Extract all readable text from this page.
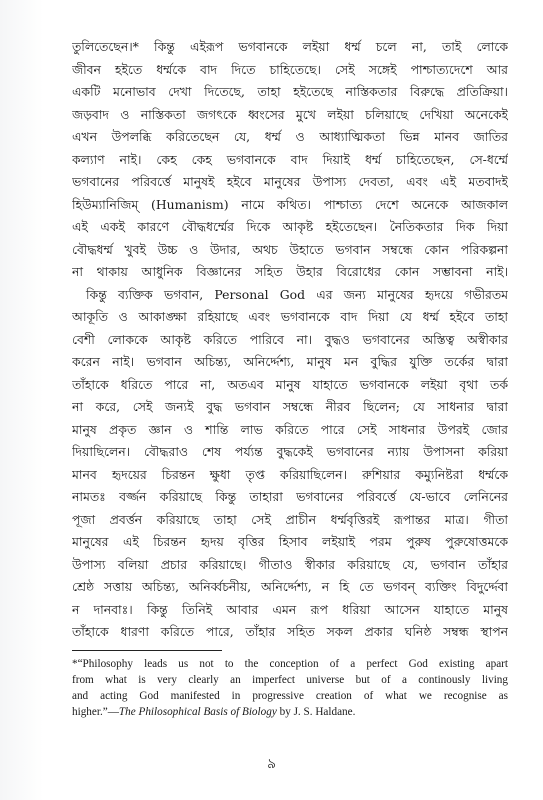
তুলিতেছেন।* কিন্তু এইরূপ ভগবানকে লইয়া ধর্ম্ম চলে না, তাই লোকে
জীবন হইতে ধর্ম্মকে বাদ দিতে চাহিতেছে। সেই সঙ্গেই পাশ্চাত্যদেশে আর
একটি মনোভাব দেখা দিতেছে, তাহা হইতেছে নাস্তিকতার বিরুদ্ধে প্রতিক্রিয়া।
জড়বাদ ও নাস্তিকতা জগৎকে ধ্বংসের মুখে লইয়া চলিয়াছে দেখিয়া অনেকেই
এখন উপলব্ধি করিতেছেন যে, ধর্ম্ম ও আধ্যাত্মিকতা ভিন্ন মানব জাতির
কল্যাণ নাই। কেহ কেহ ভগবানকে বাদ দিয়াই ধর্ম্ম চাহিতেছেন, সে-ধর্ম্মে
ভগবানের পরিবর্ত্তে মানুষই হইবে মানুষের উপাস্য দেবতা, এবং এই মতবাদই
হিউম্যানিজিম্ (Humanism) নামে কথিত। পাশ্চাত্য দেশে অনেকে আজকাল
এই একই কারণে বৌদ্ধধর্ম্মের দিকে আকৃষ্ট হইতেছেন। নৈতিকতার দিক দিয়া
বৌদ্ধধর্ম্ম খুবই উচ্চ ও উদার, অথচ উহাতে ভগবান সম্বন্ধে কোন পরিকল্পনা
না থাকায় আধুনিক বিজ্ঞানের সহিত উহার বিরোধের কোন সম্ভাবনা নাই।
কিন্তু ব্যক্তিক ভগবান, Personal God এর জন্য মানুষের হৃদয়ে গভীরতম
আকূতি ও আকাঙ্ক্ষা রহিয়াছে এবং ভগবানকে বাদ দিয়া যে ধর্ম্ম হইবে তাহা
বেশী লোককে আকৃষ্ট করিতে পারিবে না। বুদ্ধও ভগবানের অস্তিত্ব অস্বীকার
করেন নাই। ভগবান অচিন্ত্য, অনির্দ্দেশ্য, মানুষ মন বুদ্ধির যুক্তি তর্কের দ্বারা
তাঁহাকে ধরিতে পারে না, অতএব মানুষ যাহাতে ভগবানকে লইয়া বৃথা তর্ক
না করে, সেই জন্যই বুদ্ধ ভগবান সম্বন্ধে নীরব ছিলেন; যে সাধনার দ্বারা
মানুষ প্রকৃত জ্ঞান ও শান্তি লাভ করিতে পারে সেই সাধনার উপরই জোর
দিয়াছিলেন। বৌদ্ধরাও শেষ পর্য্যন্ত বুদ্ধকেই ভগবানের ন্যায় উপাসনা করিয়া
মানব হৃদয়ের চিরন্তন ক্ষুধা তৃপ্ত করিয়াছিলেন। রুশিয়ার কম্যুনিষ্টরা ধর্ম্মকে
নামতঃ বর্জ্জন করিয়াছে কিন্তু তাহারা ভগবানের পরিবর্ত্তে যে-ভাবে লেনিনের
পূজা প্রবর্ত্তন করিয়াছে তাহা সেই প্রাচীন ধর্ম্মবৃত্তিরই রূপান্তর মাত্র। গীতা
মানুষের এই চিরন্তন হৃদয় বৃত্তির হিসাব লইয়াই পরম পুরুষ পুরুষোত্তমকে
উপাস্য বলিয়া প্রচার করিয়াছে। গীতাও স্বীকার করিয়াছে যে, ভগবান তাঁহার
শ্রেষ্ঠ সত্তায় অচিন্ত্য, অনির্ব্বচনীয়, অনির্দ্দেশ্য, ন হি তে ভগবন্ ব্যক্তিং বিদুর্দ্দেবা
ন দানবাঃ। কিন্তু তিনিই আবার এমন রূপ ধরিয়া আসেন যাহাতে মানুষ
তাঁহাকে ধারণা করিতে পারে, তাঁহার সহিত সকল প্রকার ঘনিষ্ঠ সম্বন্ধ স্থাপন
*“Philosophy leads us not to the conception of a perfect God existing apart
from what is very clearly an imperfect universe but of a continously living
and acting God manifested in progressive creation of what we recognise as
higher.”—The Philosophical Basis of Biology by J. S. Haldane.
৯
